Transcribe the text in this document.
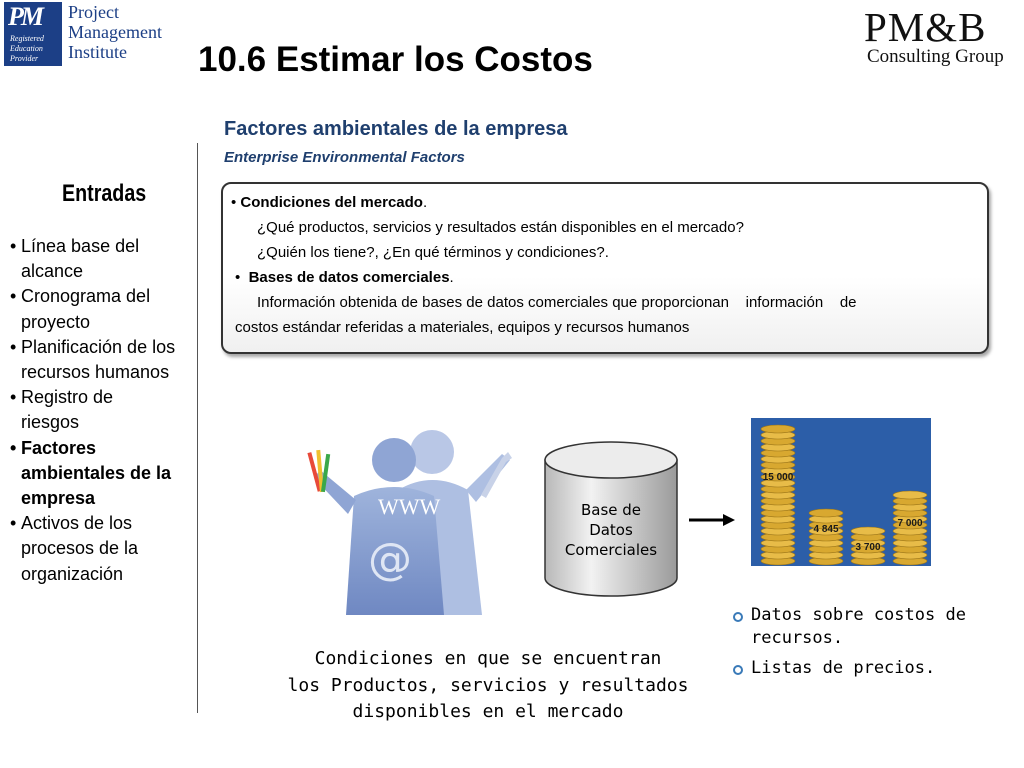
PM
Registered
Education
Provider
Project
Management
Institute	10.6 Estimar los Costos
PM&B
Consulting Group
Entradas
• Línea base del alcance
• Cronograma del proyecto
• Planificación de los recursos humanos
• Registro de riesgos
• Factores ambientales de la empresa
• Activos de los procesos de la organización
Factores ambientales de la empresa
Enterprise Environmental Factors
• Condiciones del mercado.
¿Qué productos, servicios y resultados están disponibles en el mercado?
¿Quién los tiene?, ¿En qué términos y condiciones?.
•  Bases de datos comerciales.
Información obtenida de bases de datos comerciales que proporcionan    información    de
costos estándar referidas a materiales, equipos y recursos humanos
@
WWW	Base de
Datos
Comerciales
15 000
4 845
3 700
7 000
Condiciones en que se encuentran
los Productos, servicios y resultados
disponibles en el mercado
Datos sobre costos de recursos.
Listas de precios.
